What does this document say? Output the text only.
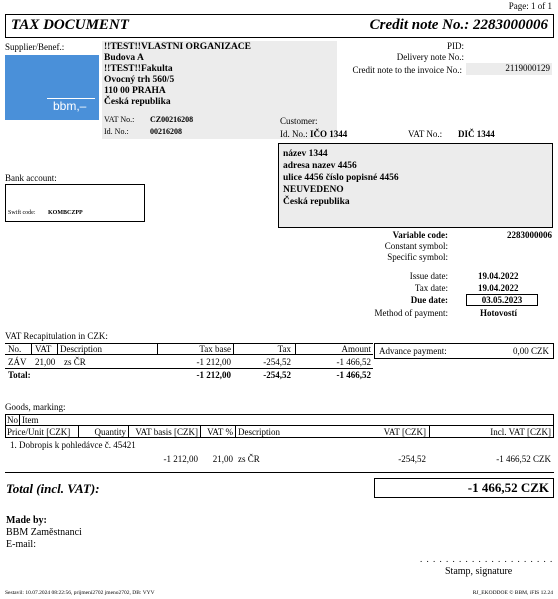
Page: 1 of 1
TAX DOCUMENT	Credit note No.: 2283000006
Supplier/Benef.:
bbm,–
!!TEST!!VLASTNI ORGANIZACE
Budova A
!!TEST!!Fakulta
Ovocný trh 560/5
110 00 PRAHA
Česká republika
VAT No.: CZ00216208
Id. No.:	00216208
PID:
Delivery note No.:
Credit note to the invoice No.:	2119000129
Customer:
Id. No.: IČO 1344	VAT No.: DIČ 1344
název 1344
adresa nazev 4456
ulice 4456 číslo popisné 4456
NEUVEDENO
Česká republika
Bank account:
Swift code: KOMBCZPP
Variable code:	2283000006
Constant symbol:
Specific symbol:
Issue date:	19.04.2022
Tax date:	19.04.2022
Due date:	03.05.2023
Method of payment:	Hotovostí
VAT Recapitulation in CZK:
No. VAT Description	Tax base	Tax	Amount
ZÁV 21,00 zs ČR	-1 212,00	-254,52	-1 466,52
Total:	-1 212,00	-254,52	-1 466,52
Advance payment:	0,00 CZK
Goods, marking:
No Item
Price/Unit [CZK]	Quantity VAT basis [CZK] VAT % Description	VAT [CZK]	Incl. VAT [CZK]
1. Dobropis k pohledávce č. 45421
-1 212,00 21,00 zs ČR	-254,52	-1 466,52 CZK
Total (incl. VAT):	-1 466,52 CZK
Made by:
BBM Zaměstnanci
E-mail:
. . . . . . . . . . . . . . . . . . . . .
Stamp, signature
Sestavil: 10.07.2024 08:22:56, prijmeni2702 jmeno2702, DB: VYV	RJ_EKODDOE © BBM, iFIS 12.24
